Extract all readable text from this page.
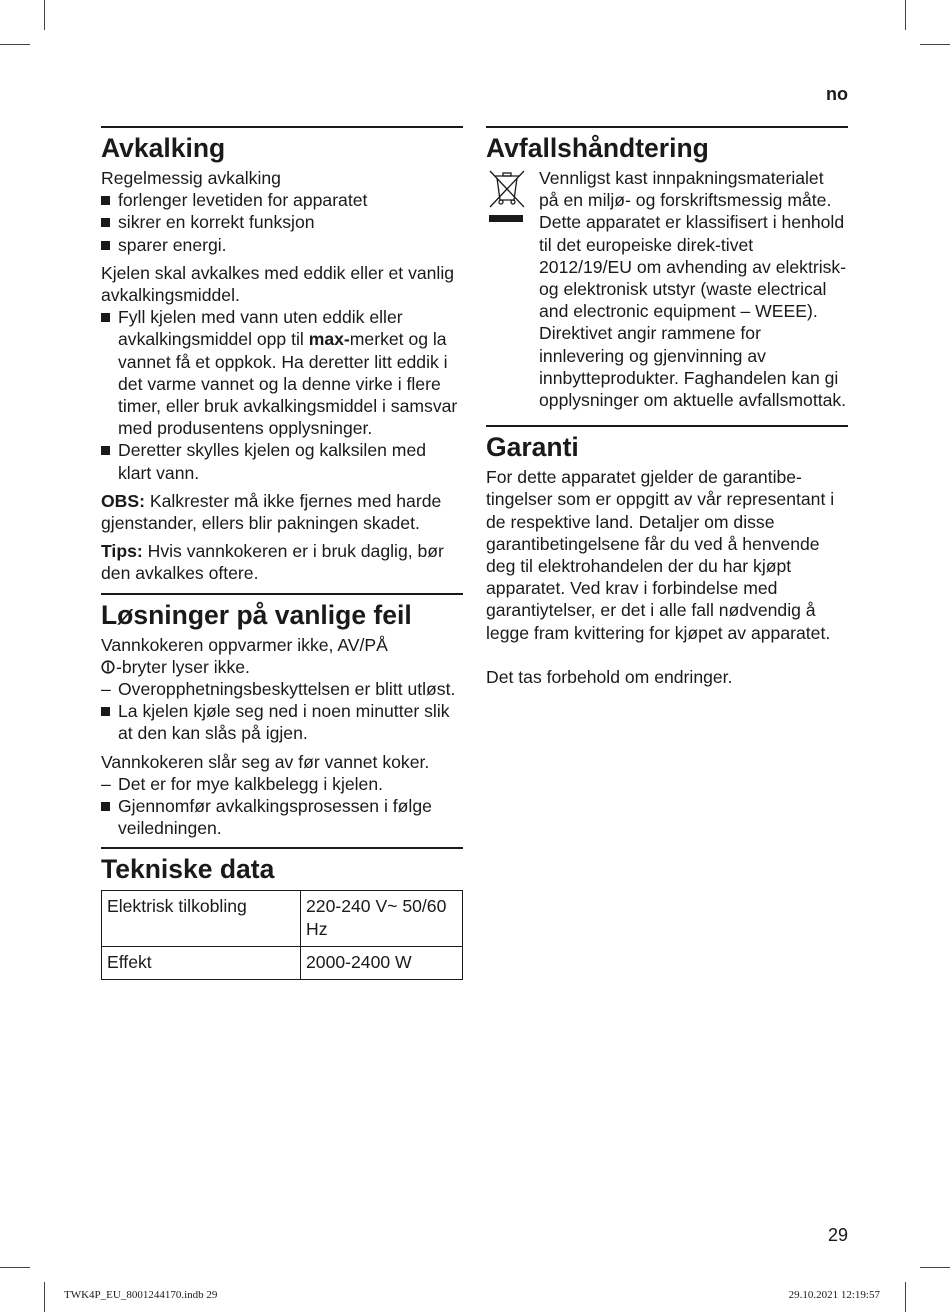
no
Avkalking

Regelmessig avkalking

forlenger levetiden for apparatet
sikrer en korrekt funksjon
sparer energi.

Kjelen skal avkalkes med eddik eller et vanlig avkalkingsmiddel.

Fyll kjelen med vann uten eddik eller avkalkingsmiddel opp til max-merket og la vannet få et oppkok. Ha deretter litt eddik i det varme vannet og la denne virke i flere timer, eller bruk avkalkingsmiddel i samsvar med produsentens opplysninger.
Deretter skylles kjelen og kalksilen med klart vann.

OBS: Kalkrester må ikke fjernes med harde gjenstander, ellers blir pakningen skadet.

Tips: Hvis vannkokeren er i bruk daglig, bør den avkalkes oftere.

Løsninger på vanlige feil

Vannkokeren oppvarmer ikke, AV/PÅ
-bryter lyser ikke.

– Overopphetningsbeskyttelsen er blitt utløst.
La kjelen kjøle seg ned i noen minutter slik at den kan slås på igjen.

Vannkokeren slår seg av før vannet koker.

– Det er for mye kalkbelegg i kjelen.
Gjennomfør avkalkingsprosessen i følge veiledningen.
Tekniske data
Elektrisk tilkobling	220-240 V~ 50/60 Hz
Effekt	2000-2400 W
Avfallshåndtering

Vennligst kast innpakningsmaterialet på en miljø- og forskriftsmessig måte. Dette apparatet er klassifisert i henhold til det europeiske direk-tivet 2012/19/EU om avhending av elektrisk- og elektronisk utstyr (waste electrical and electronic equipment – WEEE). Direktivet angir rammene for innlevering og gjenvinning av innbytteprodukter. Faghandelen kan gi opplysninger om aktuelle avfallsmottak.

Garanti

For dette apparatet gjelder de garantibe-tingelser som er oppgitt av vår representant i de respektive land. Detaljer om disse garantibetingelsene får du ved å henvende deg til elektrohandelen der du har kjøpt apparatet. Ved krav i forbindelse med garantiytelser, er det i alle fall nødvendig å legge fram kvittering for kjøpet av apparatet.

Det tas forbehold om endringer.

29
TWK4P_EU_8001244170.indb 29	29.10.2021 12:19:57
